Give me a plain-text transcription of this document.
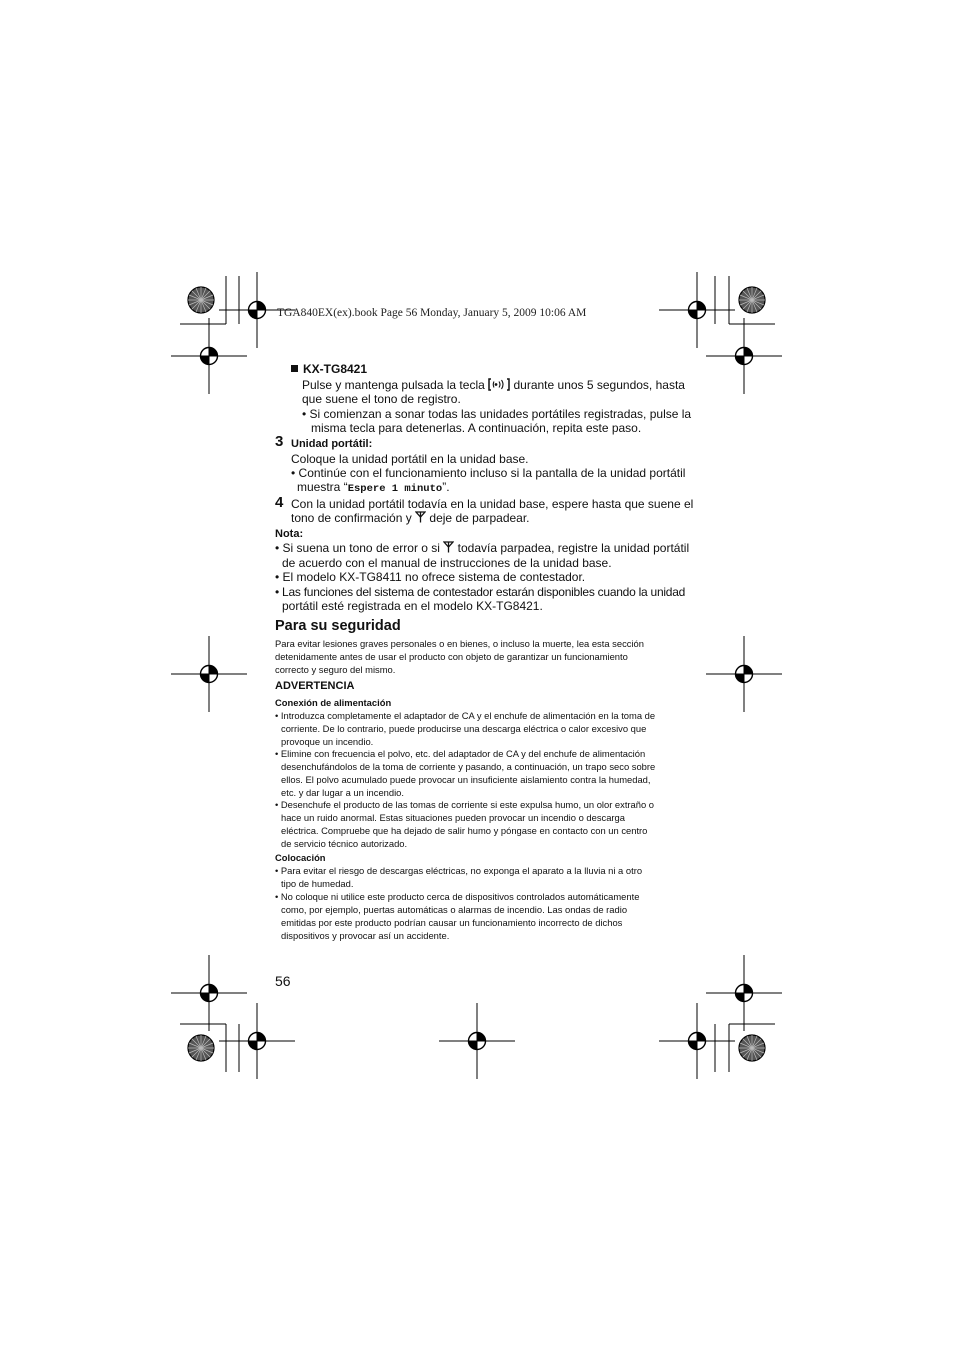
TGA840EX(ex).book Page 56 Monday, January 5, 2009 10:06 AM
KX-TG8421
Pulse y mantenga pulsada la tecla durante unos 5 segundos, hasta
que suene el tono de registro.
• Si comienzan a sonar todas las unidades portátiles registradas, pulse la
misma tecla para detenerlas. A continuación, repita este paso.
3 Unidad portátil:
Coloque la unidad portátil en la unidad base.
• Continúe con el funcionamiento incluso si la pantalla de la unidad portátil
muestra “Espere 1 minuto”.
4 Con la unidad portátil todavía en la unidad base, espere hasta que suene el
tono de confirmación y deje de parpadear.
Nota:
• Si suena un tono de error o si todavía parpadea, registre la unidad portátil
de acuerdo con el manual de instrucciones de la unidad base.
• El modelo KX-TG8411 no ofrece sistema de contestador.
• Las funciones del sistema de contestador estarán disponibles cuando la unidad
portátil esté registrada en el modelo KX-TG8421.
Para su seguridad
Para evitar lesiones graves personales o en bienes, o incluso la muerte, lea esta sección
detenidamente antes de usar el producto con objeto de garantizar un funcionamiento
correcto y seguro del mismo.
ADVERTENCIA
Conexión de alimentación
• Introduzca completamente el adaptador de CA y el enchufe de alimentación en la toma de
corriente. De lo contrario, puede producirse una descarga eléctrica o calor excesivo que
provoque un incendio.
• Elimine con frecuencia el polvo, etc. del adaptador de CA y del enchufe de alimentación
desenchufándolos de la toma de corriente y pasando, a continuación, un trapo seco sobre
ellos. El polvo acumulado puede provocar un insuficiente aislamiento contra la humedad,
etc. y dar lugar a un incendio.
• Desenchufe el producto de las tomas de corriente si este expulsa humo, un olor extraño o
hace un ruido anormal. Estas situaciones pueden provocar un incendio o descarga
eléctrica. Compruebe que ha dejado de salir humo y póngase en contacto con un centro
de servicio técnico autorizado.
Colocación
• Para evitar el riesgo de descargas eléctricas, no exponga el aparato a la lluvia ni a otro
tipo de humedad.
• No coloque ni utilice este producto cerca de dispositivos controlados automáticamente
como, por ejemplo, puertas automáticas o alarmas de incendio. Las ondas de radio
emitidas por este producto podrían causar un funcionamiento incorrecto de dichos
dispositivos y provocar así un accidente.
56
